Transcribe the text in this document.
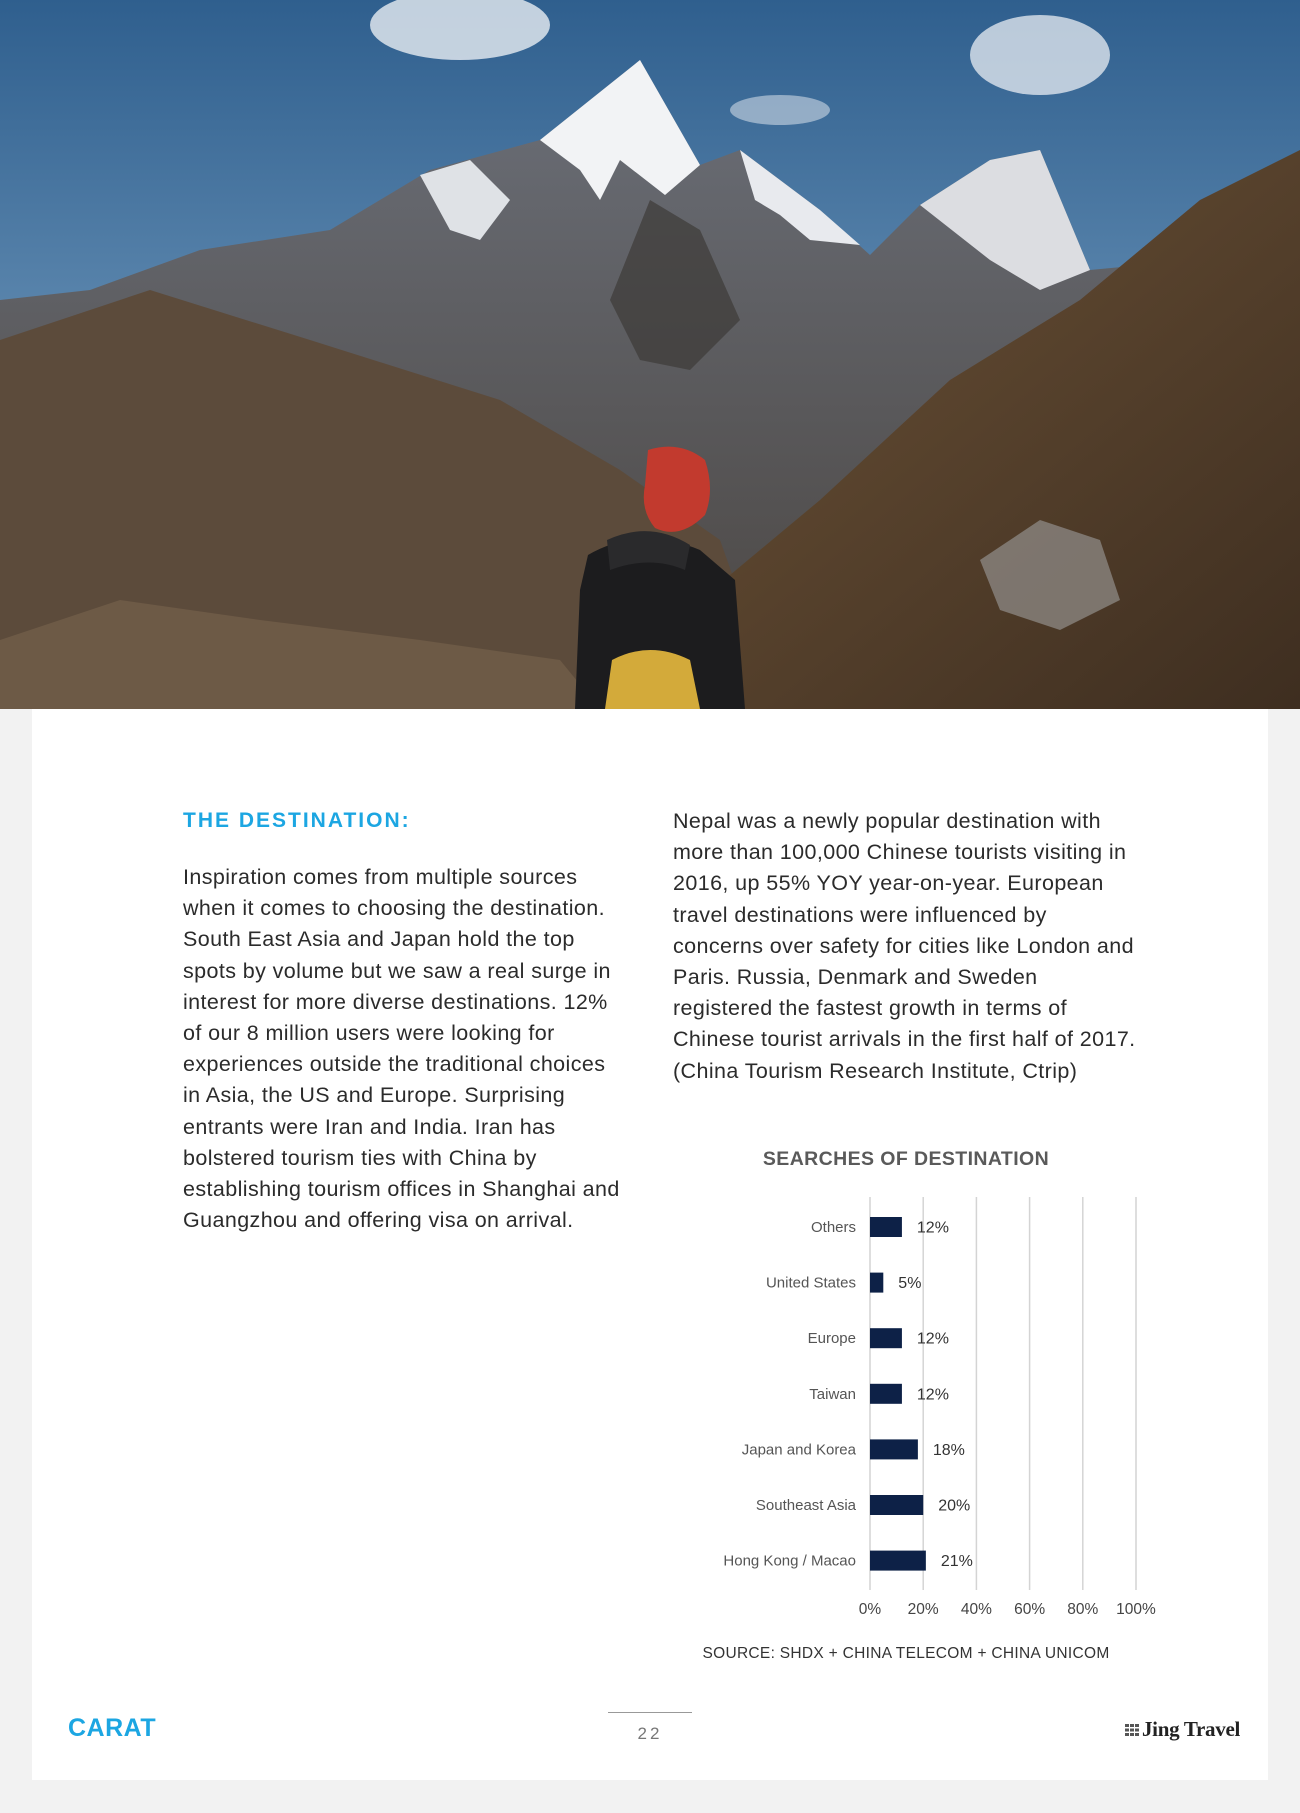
THE DESTINATION:

Inspiration comes from multiple sources when it comes to choosing the destination. South East Asia and Japan hold the top spots by volume but we saw a real surge in interest for more diverse destinations. 12% of our 8 million users were looking for experiences outside the traditional choices in Asia, the US and Europe. Surprising entrants were Iran and India. Iran has bolstered tourism ties with China by establishing tourism offices in Shanghai and Guangzhou and offering visa on arrival.

Nepal was a newly popular destination with more than 100,000 Chinese tourists visiting in 2016, up 55% YOY year-on-year. European travel destinations were influenced by concerns over safety for cities like London and Paris. Russia, Denmark and Sweden registered the fastest growth in terms of Chinese tourist arrivals in the first half of 2017. (China Tourism Research Institute, Ctrip)

SEARCHES OF DESTINATION
0% 20% 40% 60% 80% 100%
Others	12%
United States	5%
Europe	12%
Taiwan	12%
Japan and Korea	18%
Southeast Asia	20%
Hong Kong / Macao	21%
SOURCE: SHDX + CHINA TELECOM + CHINA UNICOM
CARAT	22	Jing Travel
